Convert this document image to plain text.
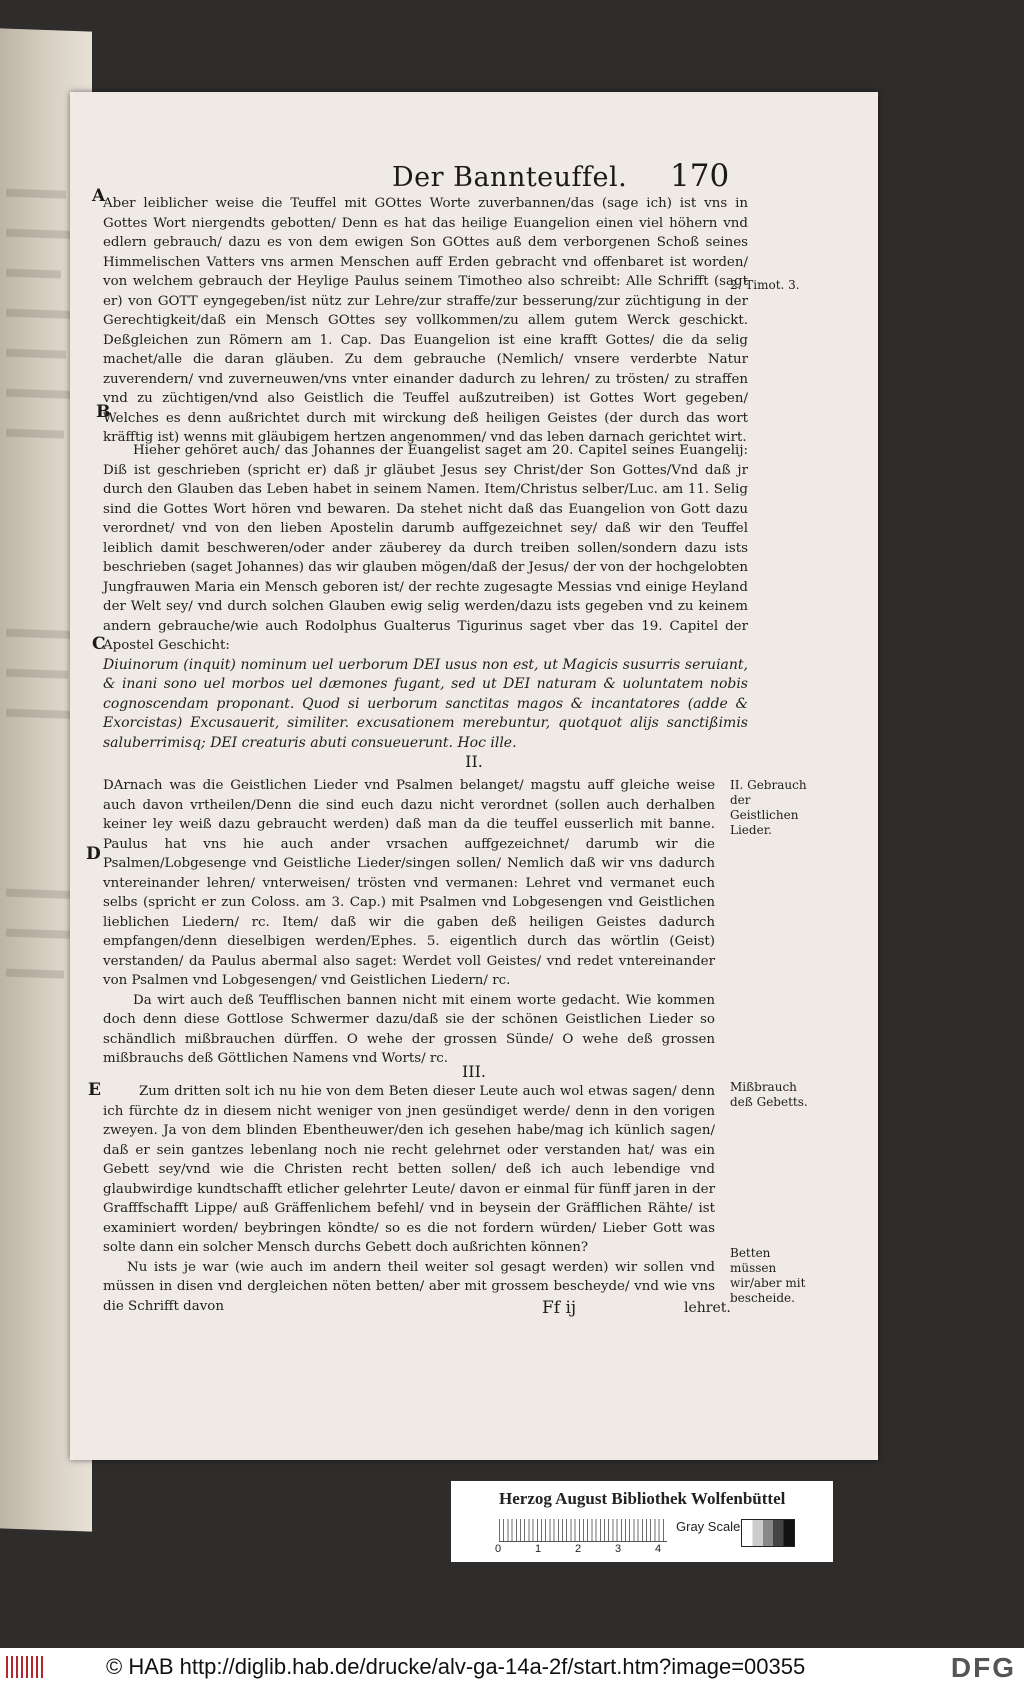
Der Bannteuffel. 170
A
B
C
D
E

Aber leiblicher weise die Teuffel mit GOttes Worte zuverbannen/das (sage ich) ist vns in Gottes Wort niergendts gebotten/ Denn es hat das heilige Euangelion einen viel höhern vnd edlern gebrauch/ dazu es von dem ewigen Son GOttes auß dem verborgenen Schoß seines Himmelischen Vatters vns armen Menschen auff Erden gebracht vnd offenbaret ist worden/ von welchem gebrauch der Heylige Paulus seinem Timotheo also schreibt: Alle Schrifft (sagt er) von GOTT eyngegeben/ist nütz zur Lehre/zur straffe/zur besserung/zur züchtigung in der Gerechtigkeit/daß ein Mensch GOttes sey vollkommen/zu allem gutem Werck geschickt. Deßgleichen zun Römern am 1. Cap. Das Euangelion ist eine krafft Gottes/ die da selig machet/alle die daran gläuben. Zu dem gebrauche (Nemlich/ vnsere verderbte Natur zuverendern/ vnd zuverneuwen/vns vnter einander dadurch zu lehren/ zu trösten/ zu straffen vnd zu züchtigen/vnd also Geistlich die Teuffel außzutreiben) ist Gottes Wort gegeben/ Welches es denn außrichtet durch mit wirckung deß heiligen Geistes (der durch das wort kräfftig ist) wenns mit gläubigem hertzen angenommen/ vnd das leben darnach gerichtet wirt.

Hieher gehöret auch/ das Johannes der Euangelist saget am 20. Capitel seines Euangelij: Diß ist geschrieben (spricht er) daß jr gläubet Jesus sey Christ/der Son Gottes/Vnd daß jr durch den Glauben das Leben habet in seinem Namen. Item/Christus selber/Luc. am 11. Selig sind die Gottes Wort hören vnd bewaren. Da stehet nicht daß das Euangelion von Gott dazu verordnet/ vnd von den lieben Apostelin darumb auffgezeichnet sey/ daß wir den Teuffel leiblich damit beschweren/oder ander zäuberey da durch treiben sollen/sondern dazu ists beschrieben (saget Johannes) das wir glauben mögen/daß der Jesus/ der von der hochgelobten Jungfrauwen Maria ein Mensch geboren ist/ der rechte zugesagte Messias vnd einige Heyland der Welt sey/ vnd durch solchen Glauben ewig selig werden/dazu ists gegeben vnd zu keinem andern gebrauche/wie auch Rodolphus Gualterus Tigurinus saget vber das 19. Capitel der Apostel Geschicht:

Diuinorum (inquit) nominum uel uerborum DEI usus non est, ut Magicis susurris seruiant, & inani sono uel morbos uel dæmones fugant, sed ut DEI naturam & uoluntatem nobis cognoscendam proponant. Quod si uerborum sanctitas magos & incantatores (adde & Exorcistas) Excusauerit, similiter. excusationem merebuntur, quotquot alijs sanctißimis saluberrimisq; DEI creaturis abuti consueuerunt. Hoc ille.

II.

DArnach was die Geistlichen Lieder vnd Psalmen belanget/ magstu auff gleiche weise auch davon vrtheilen/Denn die sind euch dazu nicht verordnet (sollen auch derhalben keiner ley weiß dazu gebraucht werden) daß man da die teuffel eusserlich mit banne. Paulus hat vns hie auch ander vrsachen auffgezeichnet/ darumb wir die Psalmen/Lobgesenge vnd Geistliche Lieder/singen sollen/ Nemlich daß wir vns dadurch vntereinander lehren/ vnterweisen/ trösten vnd vermanen: Lehret vnd vermanet euch selbs (spricht er zun Coloss. am 3. Cap.) mit Psalmen vnd Lobgesengen vnd Geistlichen lieblichen Liedern/ rc. Item/ daß wir die gaben deß heiligen Geistes dadurch empfangen/denn dieselbigen werden/Ephes. 5. eigentlich durch das wörtlin (Geist) verstanden/ da Paulus abermal also saget: Werdet voll Geistes/ vnd redet vntereinander von Psalmen vnd Lobgesengen/ vnd Geistlichen Liedern/ rc.

Da wirt auch deß Teufflischen bannen nicht mit einem worte gedacht. Wie kommen doch denn diese Gottlose Schwermer dazu/daß sie der schönen Geistlichen Lieder so schändlich mißbrauchen dürffen. O wehe der grossen Sünde/ O wehe deß grossen mißbrauchs deß Göttlichen Namens vnd Worts/ rc.

III.

Zum dritten solt ich nu hie von dem Beten dieser Leute auch wol etwas sagen/ denn ich fürchte dz in diesem nicht weniger von jnen gesündiget werde/ denn in den vorigen zweyen. Ja von dem blinden Ebentheuwer/den ich gesehen habe/mag ich künlich sagen/ daß er sein gantzes lebenlang noch nie recht gelehrnet oder verstanden hat/ was ein Gebett sey/vnd wie die Christen recht betten sollen/ deß ich auch lebendige vnd glaubwirdige kundtschafft etlicher gelehrter Leute/ davon er einmal für fünff jaren in der Grafffschafft Lippe/ auß Gräffenlichem befehl/ vnd in beysein der Gräfflichen Rähte/ ist examiniert worden/ beybringen köndte/ so es die not fordern würden/ Lieber Gott was solte dann ein solcher Mensch durchs Gebett doch außrichten können?

Nu ists je war (wie auch im andern theil weiter sol gesagt werden) wir sollen vnd müssen in disen vnd dergleichen nöten betten/ aber mit grossem bescheyde/ vnd wie vns die Schrifft davon

2. Timot. 3.
II. Gebrauch der Geistlichen Lieder.
Mißbrauch deß Gebetts.
Betten müssen wir/aber mit bescheide.
Ff ij	lehret.
Herzog August Bibliothek Wolfenbüttel
0	1	2	3	4
Gray Scale
© HAB http://diglib.hab.de/drucke/alv-ga-14a-2f/start.htm?image=00355	DFG
